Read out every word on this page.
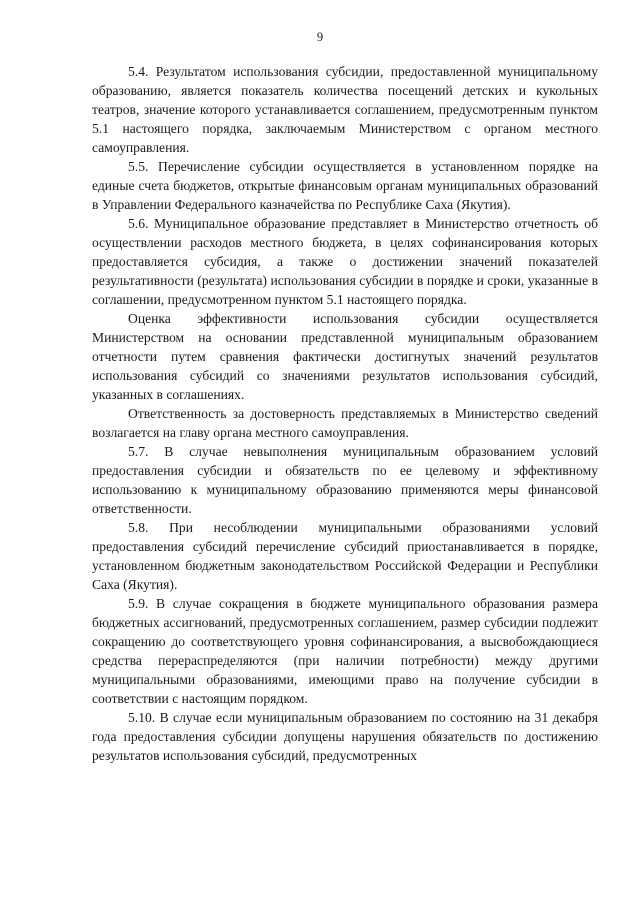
9

5.4. Результатом использования субсидии, предоставленной муниципальному образованию, является показатель количества посещений детских и кукольных театров, значение которого устанавливается соглашением, предусмотренным пунктом 5.1 настоящего порядка, заключаемым Министерством с органом местного самоуправления.

5.5. Перечисление субсидии осуществляется в установленном порядке на единые счета бюджетов, открытые финансовым органам муниципальных образований в Управлении Федерального казначейства по Республике Саха (Якутия).

5.6. Муниципальное образование представляет в Министерство отчетность об осуществлении расходов местного бюджета, в целях софинансирования которых предоставляется субсидия, а также о достижении значений показателей результативности (результата) использования субсидии в порядке и сроки, указанные в соглашении, предусмотренном пунктом 5.1 настоящего порядка.

Оценка эффективности использования субсидии осуществляется Министерством на основании представленной муниципальным образованием отчетности путем сравнения фактически достигнутых значений результатов использования субсидий со значениями результатов использования субсидий, указанных в соглашениях.

Ответственность за достоверность представляемых в Министерство сведений возлагается на главу органа местного самоуправления.

5.7. В случае невыполнения муниципальным образованием условий предоставления субсидии и обязательств по ее целевому и эффективному использованию к муниципальному образованию применяются меры финансовой ответственности.

5.8. При несоблюдении муниципальными образованиями условий предоставления субсидий перечисление субсидий приостанавливается в порядке, установленном бюджетным законодательством Российской Федерации и Республики Саха (Якутия).

5.9. В случае сокращения в бюджете муниципального образования размера бюджетных ассигнований, предусмотренных соглашением, размер субсидии подлежит сокращению до соответствующего уровня софинансирования, а высвобождающиеся средства перераспределяются (при наличии потребности) между другими муниципальными образованиями, имеющими право на получение субсидии в соответствии с настоящим порядком.

5.10. В случае если муниципальным образованием по состоянию на 31 декабря года предоставления субсидии допущены нарушения обязательств по достижению результатов использования субсидий, предусмотренных
